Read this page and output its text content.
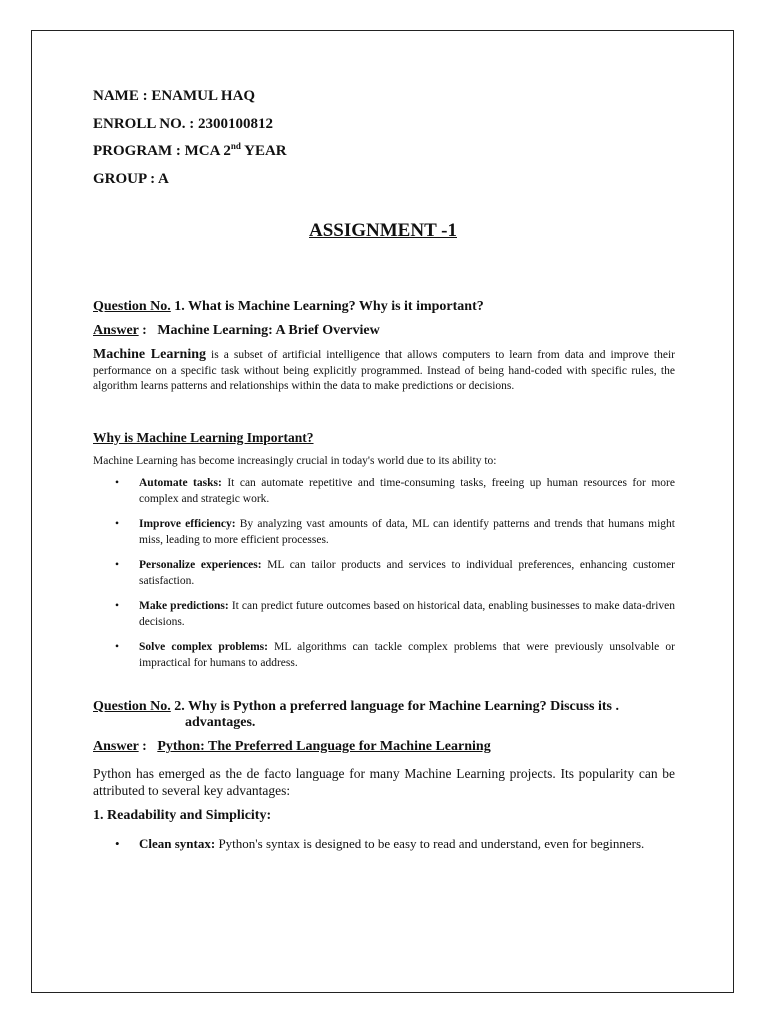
NAME : ENAMUL HAQ
ENROLL NO. : 2300100812
PROGRAM : MCA 2nd YEAR
GROUP : A
ASSIGNMENT -1
Question No. 1. What is Machine Learning? Why is it important?
Answer :   Machine Learning: A Brief Overview
Machine Learning is a subset of artificial intelligence that allows computers to learn from data and improve their performance on a specific task without being explicitly programmed. Instead of being hand-coded with specific rules, the algorithm learns patterns and relationships within the data to make predictions or decisions.
Why is Machine Learning Important?
Machine Learning has become increasingly crucial in today's world due to its ability to:
• Automate tasks: It can automate repetitive and time-consuming tasks, freeing up human resources for more complex and strategic work.
• Improve efficiency: By analyzing vast amounts of data, ML can identify patterns and trends that humans might miss, leading to more efficient processes.
• Personalize experiences: ML can tailor products and services to individual preferences, enhancing customer satisfaction.
• Make predictions: It can predict future outcomes based on historical data, enabling businesses to make data-driven decisions.
• Solve complex problems: ML algorithms can tackle complex problems that were previously unsolvable or impractical for humans to address.
Question No. 2. Why is Python a preferred language for Machine Learning? Discuss its .
advantages.
Answer :   Python: The Preferred Language for Machine Learning
Python has emerged as the de facto language for many Machine Learning projects. Its popularity can be attributed to several key advantages:
1. Readability and Simplicity:
• Clean syntax: Python's syntax is designed to be easy to read and understand, even for beginners.
